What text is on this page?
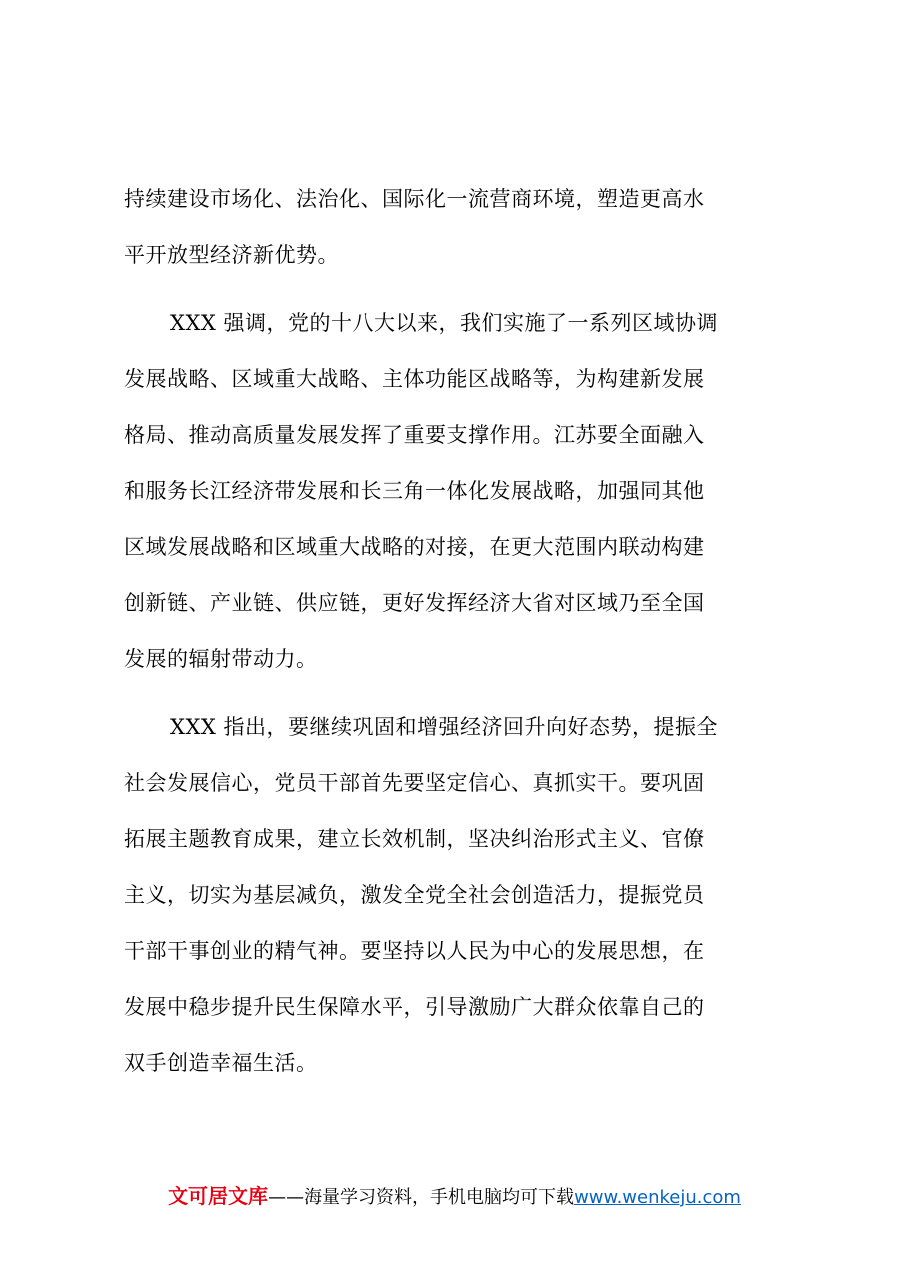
持续建设市场化、法治化、国际化一流营商环境，塑造更高水
平开放型经济新优势。
XXX 强调，党的十八大以来，我们实施了一系列区域协调
发展战略、区域重大战略、主体功能区战略等，为构建新发展
格局、推动高质量发展发挥了重要支撑作用。江苏要全面融入
和服务长江经济带发展和长三角一体化发展战略，加强同其他
区域发展战略和区域重大战略的对接，在更大范围内联动构建
创新链、产业链、供应链，更好发挥经济大省对区域乃至全国
发展的辐射带动力。
XXX 指出，要继续巩固和增强经济回升向好态势，提振全
社会发展信心，党员干部首先要坚定信心、真抓实干。要巩固
拓展主题教育成果，建立长效机制，坚决纠治形式主义、官僚
主义，切实为基层减负，激发全党全社会创造活力，提振党员
干部干事创业的精气神。要坚持以人民为中心的发展思想，在
发展中稳步提升民生保障水平，引导激励广大群众依靠自己的
双手创造幸福生活。
文可居文库——海量学习资料，手机电脑均可下载www.wenkeju.com
